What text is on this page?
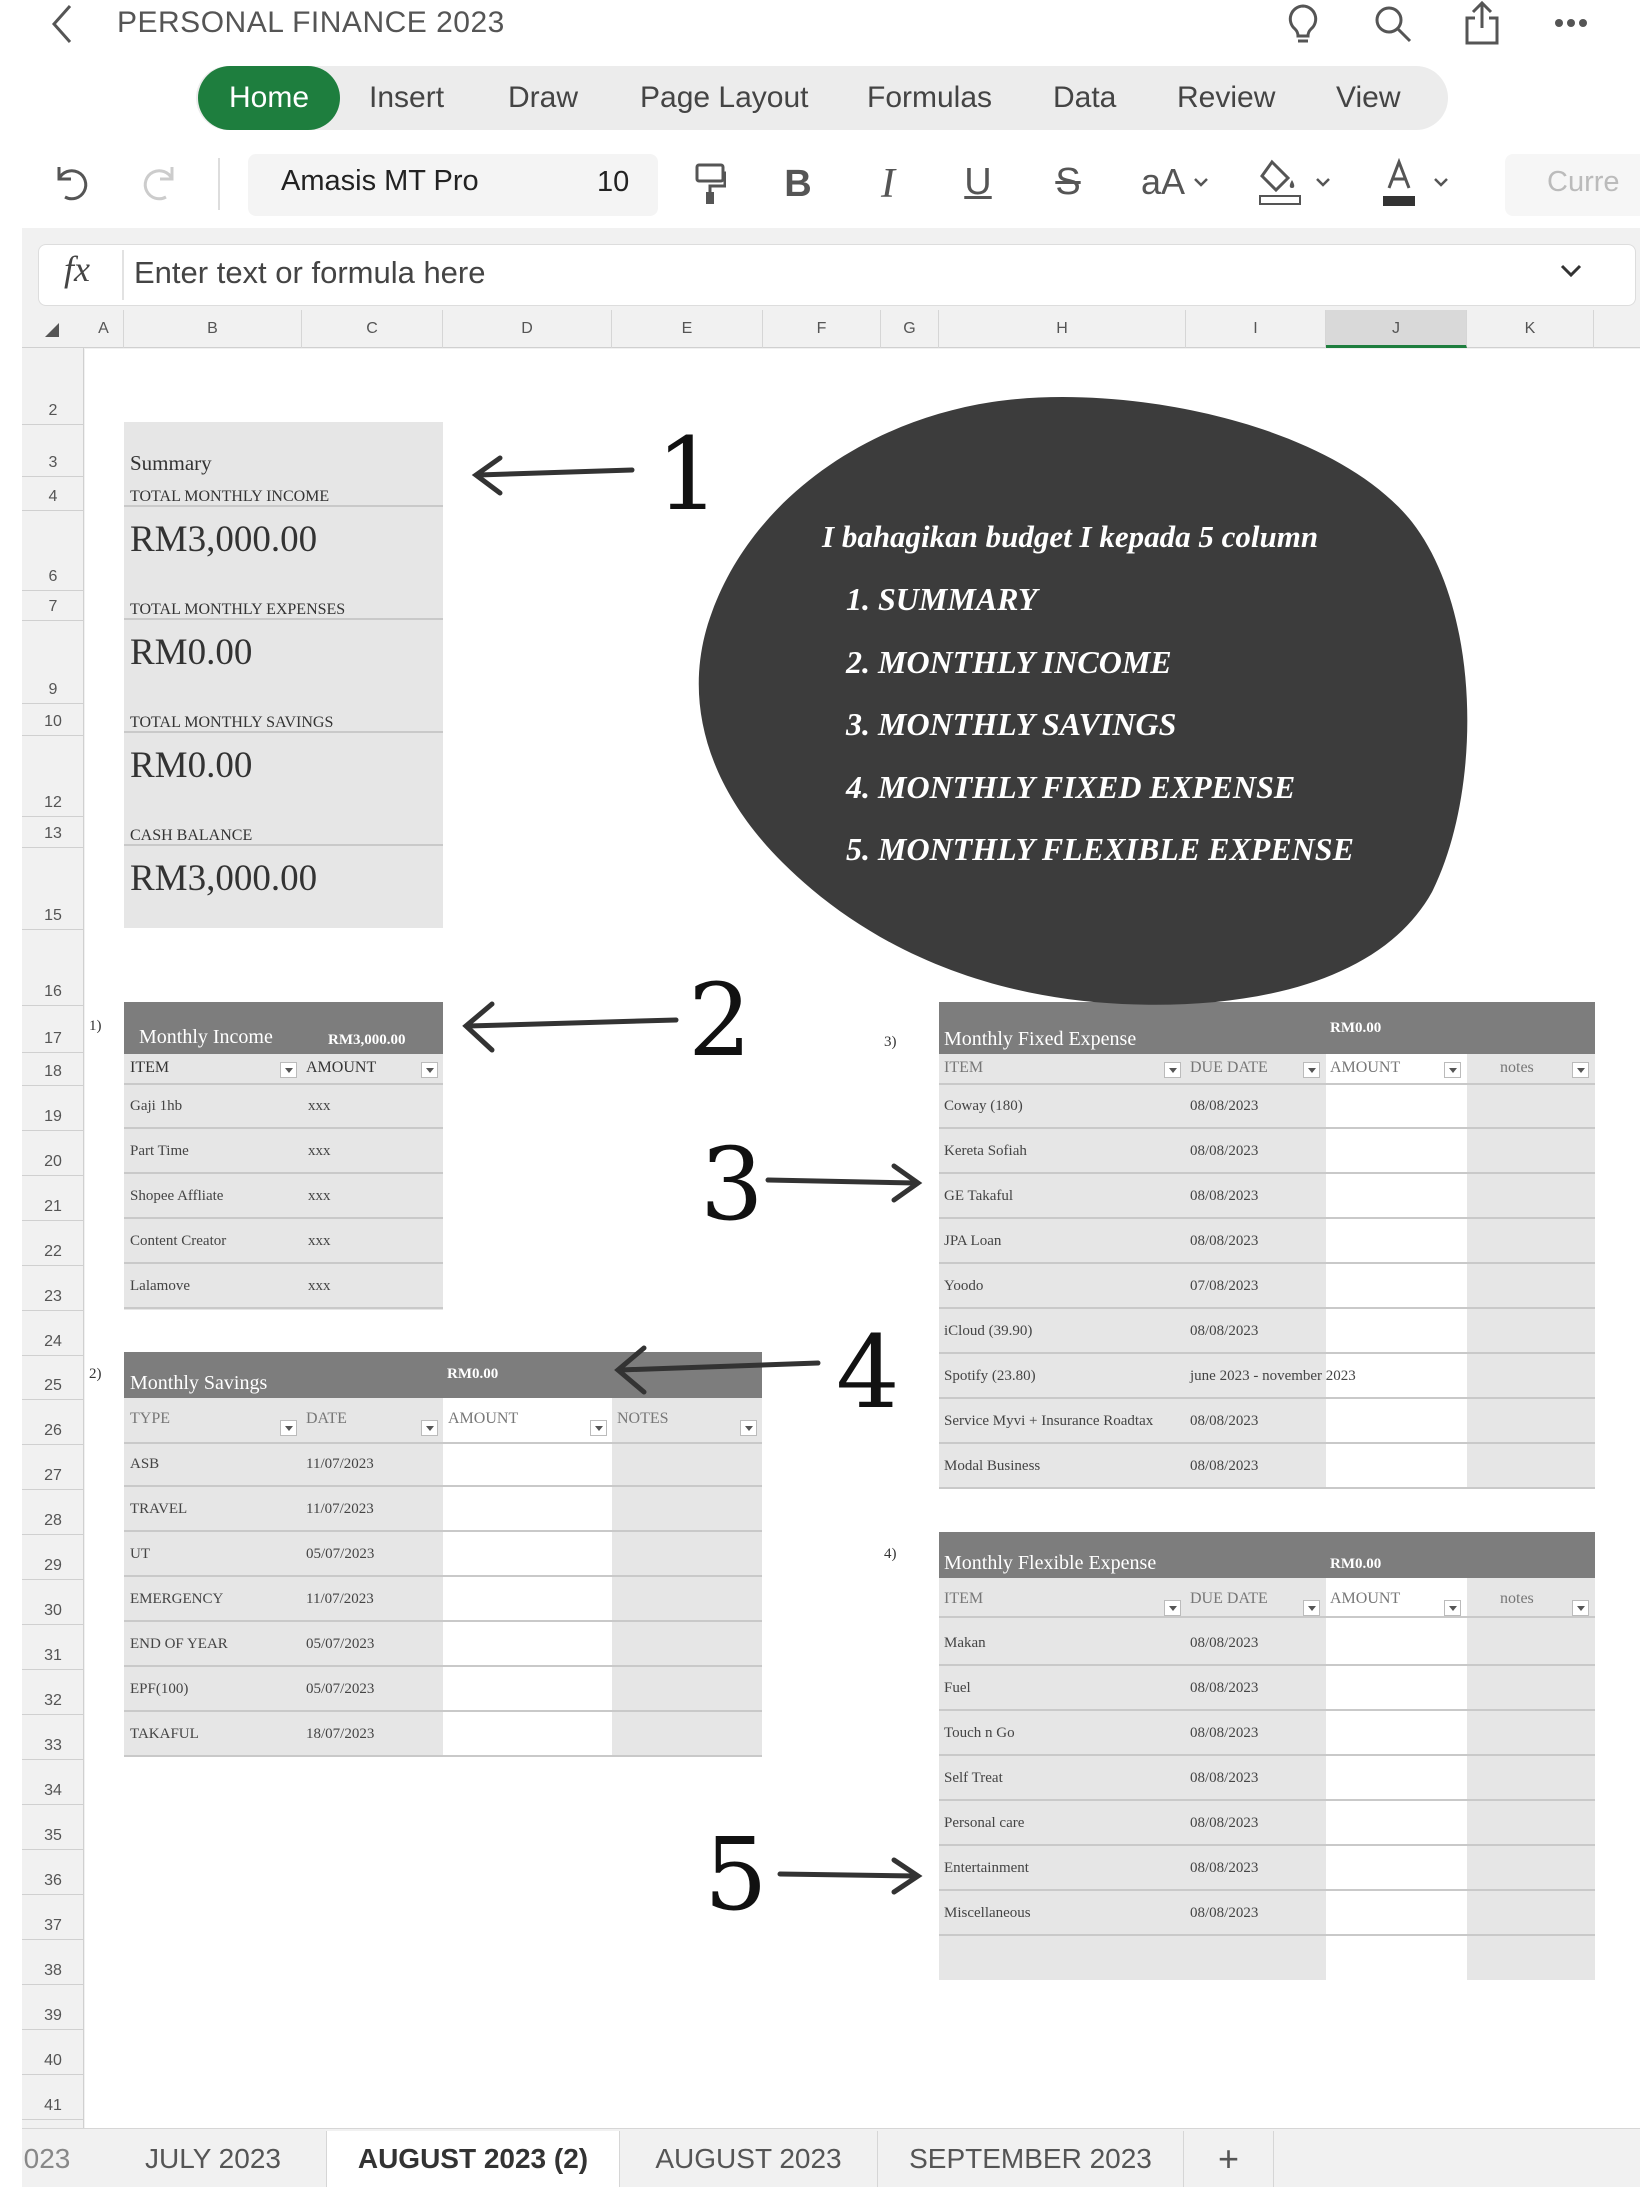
PERSONAL FINANCE 2023
Home	Insert Draw Page Layout Formulas Data Review View
Amasis MT Pro	10	B	I	U S aA	Curre
fx Enter text or formula here
A	B	C	D	E	F	G	H	I	J	K
2
3
4
6
7
9
10
12
13
15
16
17
18
19
20
21
22
23
24
25
26
27
28
29
30
31
32
33
34
35
36
37
38
39
40
41
Summary
TOTAL MONTHLY INCOME
RM3,000.00
TOTAL MONTHLY EXPENSES
RM0.00
TOTAL MONTHLY SAVINGS
RM0.00
CASH BALANCE
RM3,000.00
1) Monthly Income	RM3,000.00
ITEM	AMOUNT
Gaji 1hb	xxx
Part Time	xxx
Shopee Affliate	xxx
Content Creator	xxx
Lalamove	xxx
2) Monthly Savings	RM0.00
TYPE	DATE	AMOUNT	NOTES
ASB	11/07/2023
TRAVEL	11/07/2023
UT	05/07/2023
EMERGENCY	11/07/2023
END OF YEAR	05/07/2023
EPF(100)	05/07/2023
TAKAFUL	18/07/2023
3) Monthly Fixed Expense	RM0.00
ITEM	DUE DATE	AMOUNT	notes
Coway (180)	08/08/2023
Kereta Sofiah	08/08/2023
GE Takaful	08/08/2023
JPA Loan	08/08/2023
Yoodo	07/08/2023
iCloud (39.90)	08/08/2023
Spotify (23.80)	june 2023 - november 2023
Service Myvi + Insurance Roadtax 08/08/2023
Modal Business	08/08/2023
4) Monthly Flexible Expense	RM0.00
ITEM	DUE DATE	AMOUNT	notes
Makan	08/08/2023
Fuel	08/08/2023
Touch n Go	08/08/2023
Self Treat	08/08/2023
Personal care	08/08/2023
Entertainment	08/08/2023
Miscellaneous	08/08/2023
I bahagikan budget I kepada 5 column
1. SUMMARY
2. MONTHLY INCOME
3. MONTHLY SAVINGS
4. MONTHLY FIXED EXPENSE
5. MONTHLY FLEXIBLE EXPENSE
1
2
3
4
5
023	JULY 2023	AUGUST 2023 (2)	AUGUST 2023	SEPTEMBER 2023	+
